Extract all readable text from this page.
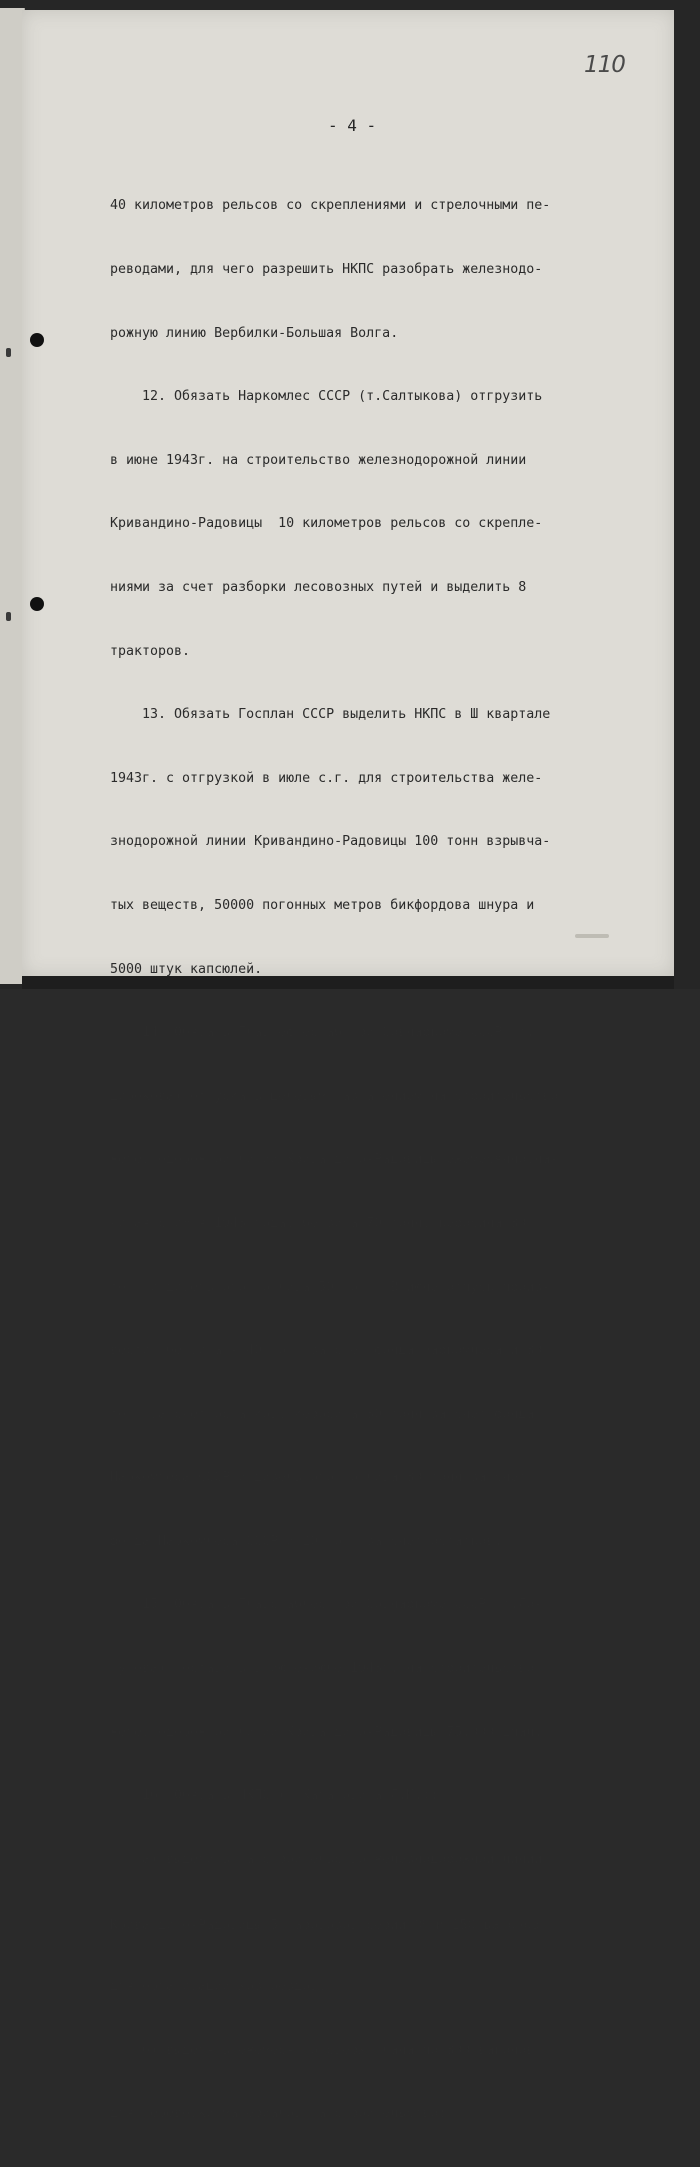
110
- 4 -

40 километров рельсов со скреплениями и стрелочными пе-

реводами, для чего разрешить НКПС разобрать железнодо-

рожную линию Вербилки-Большая Волга.

12. Обязать Наркомлес СССР (т.Салтыкова) отгрузить

в июне 1943г. на строительство железнодорожной линии

Кривандино-Радовицы  10 километров рельсов со скрепле-

ниями за счет разборки лесовозных путей и выделить 8

тракторов.

13. Обязать Госплан СССР выделить НКПС в Ш квартале

1943г. с отгрузкой в июле с.г. для строительства желе-

знодорожной линии Кривандино-Радовицы 100 тонн взрывча-

тых веществ, 50000 погонных метров бикфордова шнура и

5000 штук капсюлей.

14. Обязать Главнефтеснаб при Совнаркоме СССР (т.

Широкова) отпускать целевым назначением на строительство

железнодорожной линии Кривандино-Радовицы ежемесячно,на-

чиная с июня 1943 года, бензина 70 тонн, керосина 30

тонн и дизельного топлива 50 тонн. В июне отпуск произ-

вести: бензина - 40 тонн за счет фонда Наркомлеса и 30

тонн за счет остатков; керосина 30 тонн за счет фонда

Наркомлеса СССР и дизельного топлива 30 тонн за счет

фонда Наркомлеса СССР и 20 тонн за счет остатков.

15. Обязать Главснаблес при Совнаркоме СССР (т.Ло-

пухова) поставить в июне-июле 1943г. на строительство

железнодорожной линии Кривандино-Радовицы 75.000 шпал.

16. Обязать НКПС (т.Кагановича Л.М.):

а) выделить на строительство железнодорожной линии

Кривандино-Радовицы 5 паровозов серии $О^В$ и 150 вагонов

для организации хозпоездов;

б) выделять ежемесячно сверх плана по 300 вагонов

для перевозки материалов на строительство;
